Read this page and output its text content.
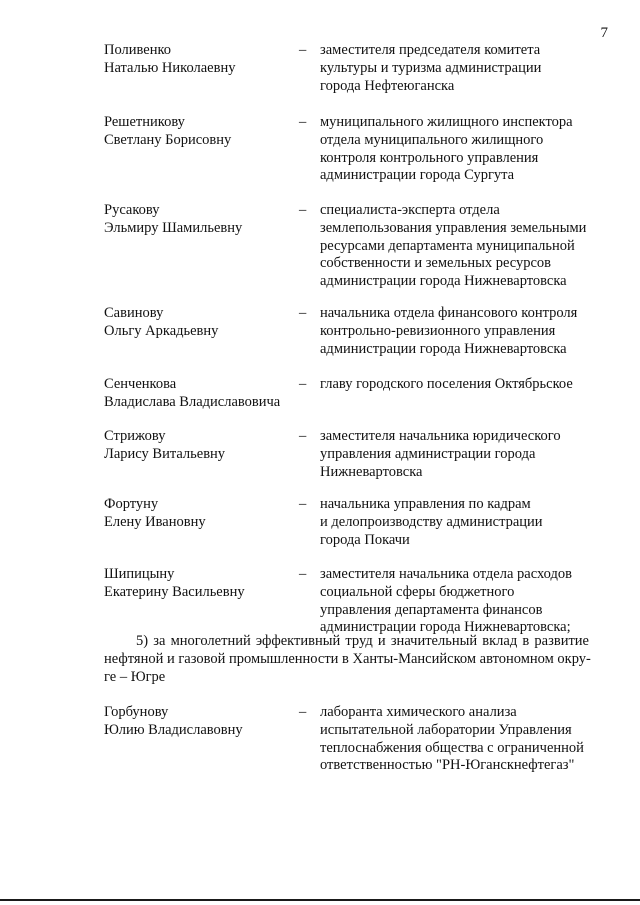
7
Поливенко
Наталью Николаевну
– заместителя председателя комитета
культуры и туризма администрации
города Нефтеюганска
Решетникову
Светлану Борисовну
– муниципального жилищного инспектора
отдела муниципального жилищного
контроля контрольного управления
администрации города Сургута
Русакову
Эльмиру Шамильевну
– специалиста-эксперта отдела
землепользования управления земельными
ресурсами департамента муниципальной
собственности и земельных ресурсов
администрации города Нижневартовска
Савинову
Ольгу Аркадьевну
– начальника отдела финансового контроля
контрольно-ревизионного управления
администрации города Нижневартовска
Сенченкова
Владислава Владиславовича
– главу городского поселения Октябрьское
Стрижову
Ларису Витальевну
– заместителя начальника юридического
управления администрации города
Нижневартовска
Фортуну
Елену Ивановну
– начальника управления по кадрам
и делопроизводству администрации
города Покачи
Шипицыну
Екатерину Васильевну
– заместителя начальника отдела расходов
социальной сферы бюджетного
управления департамента финансов
администрации города Нижневартовска;
5) за многолетний эффективный труд и значительный вклад в развитие
нефтяной и газовой промышленности в Ханты-Мансийском автономном окру-
ге – Югре
Горбунову
Юлию Владиславовну
– лаборанта химического анализа
испытательной лаборатории Управления
теплоснабжения общества с ограниченной
ответственностью "РН-Юганскнефтегаз"
